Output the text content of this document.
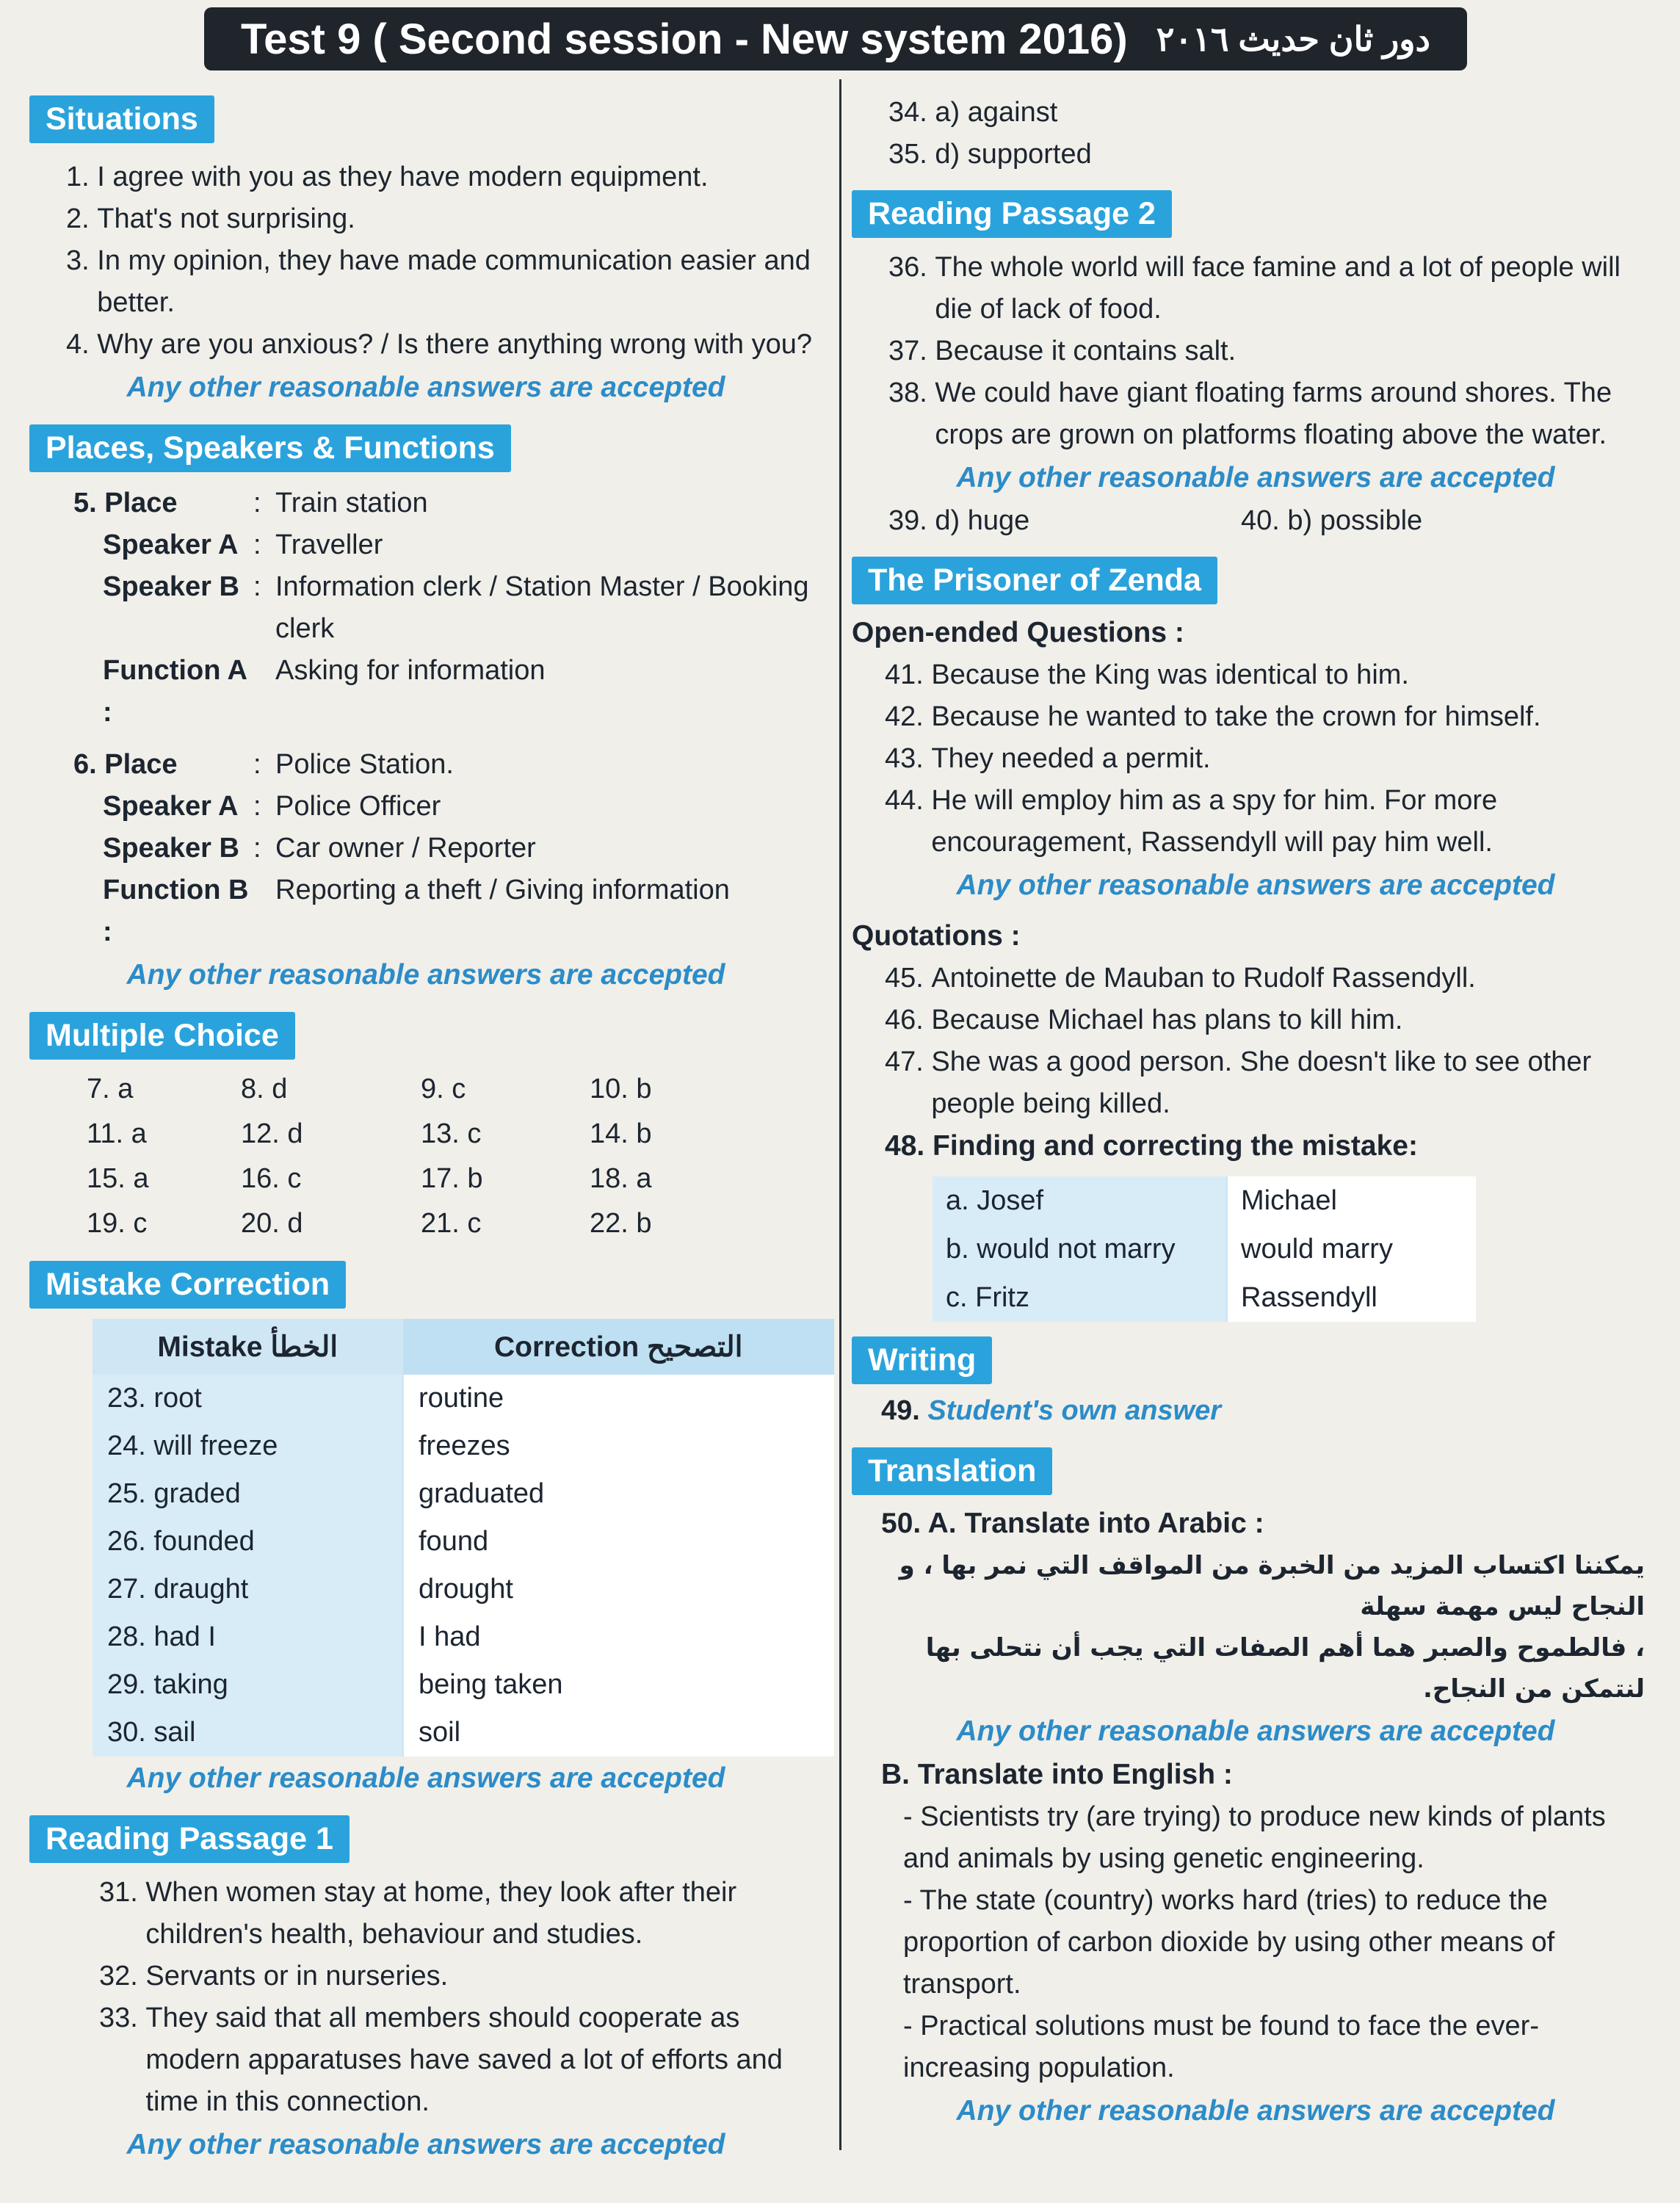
Test 9 ( Second session - New system 2016) دور ثان حديث ٢٠١٦
Situations
1.
I agree with you as they have modern equipment.
2.
That's not surprising.
3.
In my opinion, they have made communication easier and better.
4.
Why are you anxious? / Is there anything wrong with you?
Any other reasonable answers are accepted
Places, Speakers & Functions
5. Place	: Train station
Speaker A : Traveller
Speaker B : Information clerk / Station Master / Booking clerk
Function A :
Asking for information
6. Place	: Police Station.
Speaker A : Police Officer
Speaker B : Car owner / Reporter
Function B :
Reporting a theft / Giving information
Any other reasonable answers are accepted
Multiple Choice
7. a	8. d	9. c	10. b
11. a	12. d	13. c	14. b
15. a	16. c	17. b	18. a
19. c	20. d	21. c	22. b
Mistake Correction
Mistake الخطأ	Correction التصحيح
23. root	routine
24. will freeze	freezes
25. graded	graduated
26. founded	found
27. draught	drought
28. had I	I had
29. taking	being taken
30. sail	soil
Any other reasonable answers are accepted
Reading Passage 1
31.
When women stay at home, they look after their children's health, behaviour and studies.
32.
Servants or in nurseries.
33.
They said that all members should cooperate as modern apparatuses have saved a lot of efforts and time in this connection.
Any other reasonable answers are accepted
34.
a) against
35.
d) supported
Reading Passage 2
36.
The whole world will face famine and a lot of people will die of lack of food.
37.
Because it contains salt.
38.
We could have giant floating farms around shores. The crops are grown on platforms floating above the water.
Any other reasonable answers are accepted
39. d) huge	40. b) possible
The Prisoner of Zenda
Open-ended Questions :
41.
Because the King was identical to him.
42.
Because he wanted to take the crown for himself.
43.
They needed a permit.
44.
He will employ him as a spy for him. For more encouragement, Rassendyll will pay him well.
Any other reasonable answers are accepted
Quotations :
45.
Antoinette de Mauban to Rudolf Rassendyll.
46.
Because Michael has plans to kill him.
47.
She was a good person. She doesn't like to see other people being killed.
48. Finding and correcting the mistake:
a. Josef	Michael
b. would not marry	would marry
c. Fritz	Rassendyll
Writing
49. Student's own answer
Translation
50. A. Translate into Arabic :
يمكننا اكتساب المزيد من الخبرة من المواقف التي نمر بها ، و النجاح ليس مهمة سهلة
، فالطموح والصبر هما أهم الصفات التي يجب أن نتحلى بها لنتمكن من النجاح.
Any other reasonable answers are accepted
B. Translate into English :
- Scientists try (are trying) to produce new kinds of plants and animals by using genetic engineering.
- The state (country) works hard (tries) to reduce the proportion of carbon dioxide by using other means of transport.
- Practical solutions must be found to face the ever-increasing population.
Any other reasonable answers are accepted
